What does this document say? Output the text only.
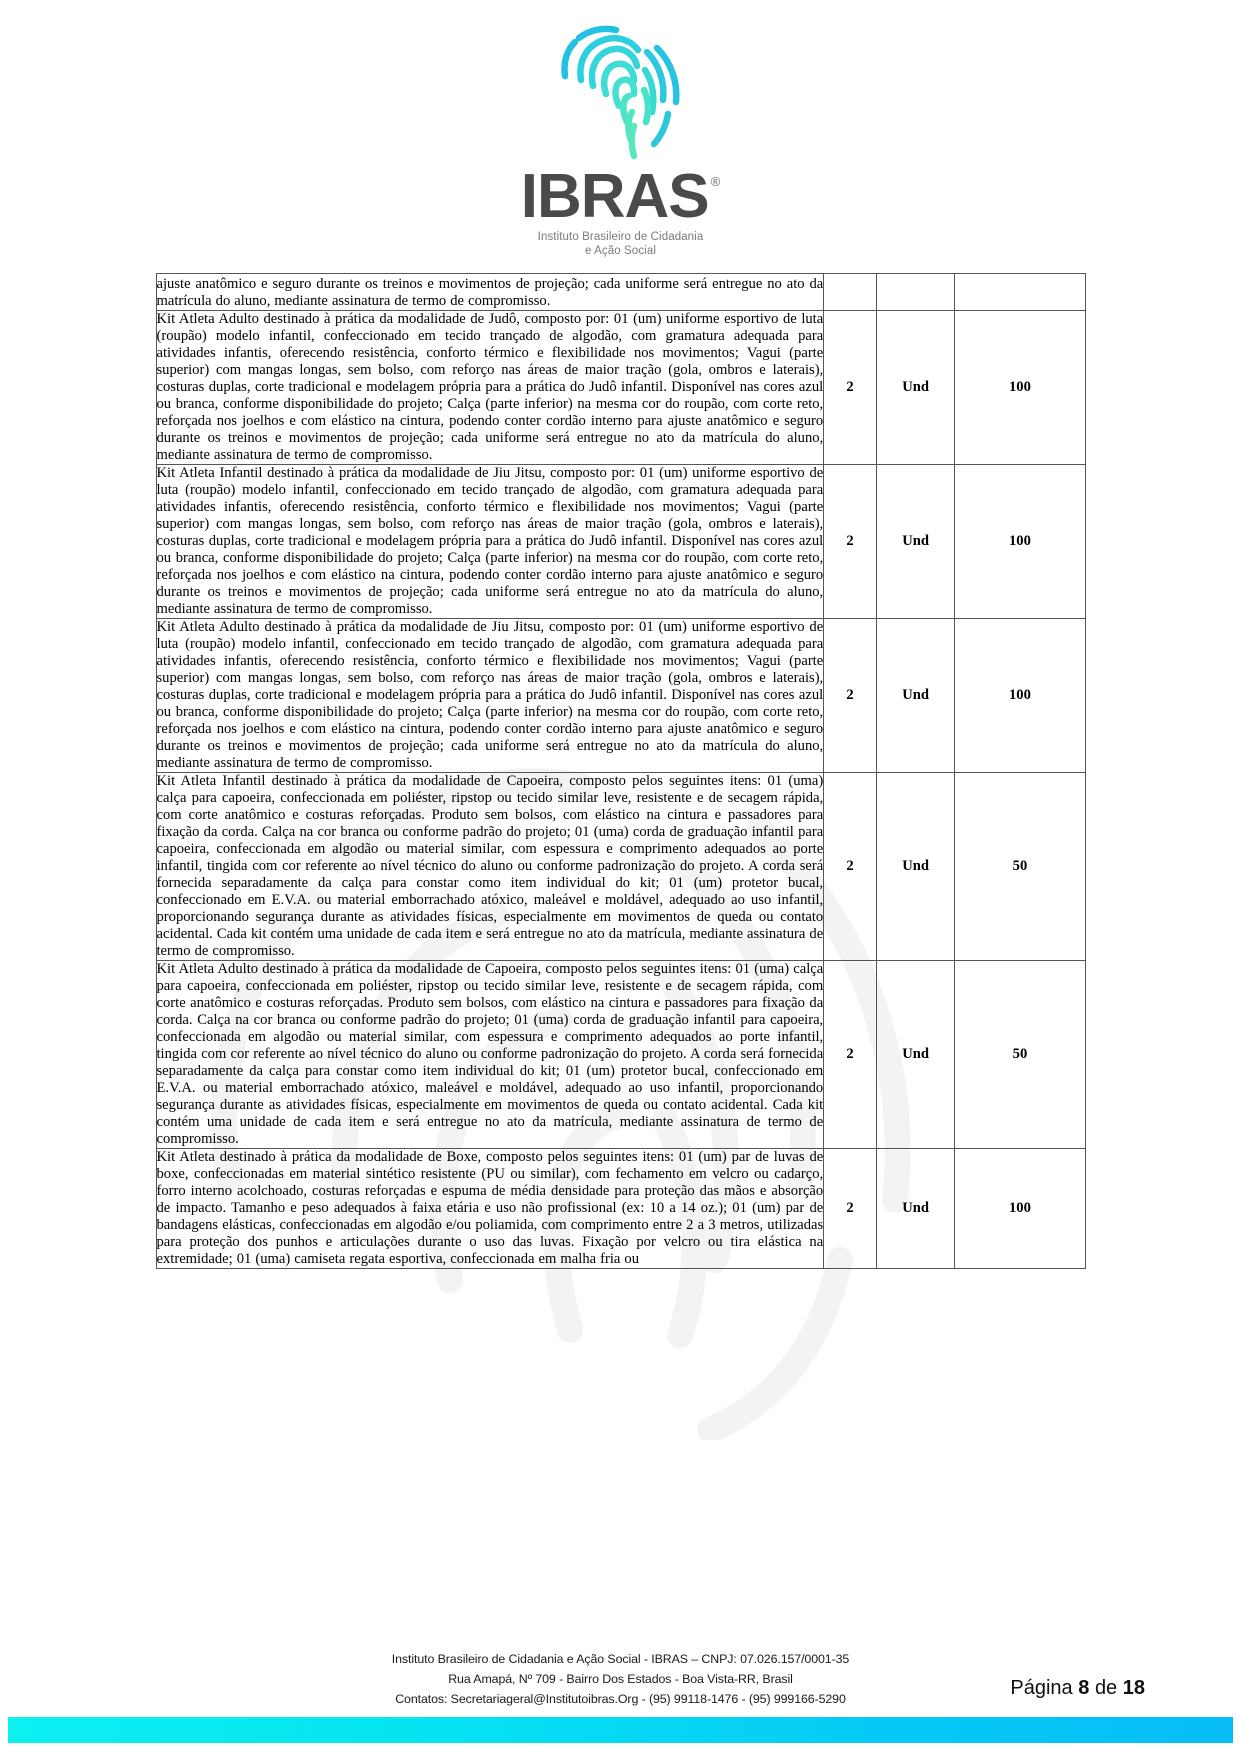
IBRAS ®
Instituto Brasileiro de Cidadania
e Ação Social
ajuste anatômico e seguro durante os treinos e movimentos de projeção; cada uniforme será entregue no ato da matrícula do aluno, mediante assinatura de termo de compromisso.			
Kit Atleta Adulto destinado à prática da modalidade de Judô, composto por: 01 (um) uniforme esportivo de luta (roupão) modelo infantil, confeccionado em tecido trançado de algodão, com gramatura adequada para atividades infantis, oferecendo resistência, conforto térmico e flexibilidade nos movimentos; Vagui (parte superior) com mangas longas, sem bolso, com reforço nas áreas de maior tração (gola, ombros e laterais), costuras duplas, corte tradicional e modelagem própria para a prática do Judô infantil. Disponível nas cores azul ou branca, conforme disponibilidade do projeto; Calça (parte inferior) na mesma cor do roupão, com corte reto, reforçada nos joelhos e com elástico na cintura, podendo conter cordão interno para ajuste anatômico e seguro durante os treinos e movimentos de projeção; cada uniforme será entregue no ato da matrícula do aluno, mediante assinatura de termo de compromisso.	2	Und	100
Kit Atleta Infantil destinado à prática da modalidade de Jiu Jitsu, composto por: 01 (um) uniforme esportivo de luta (roupão) modelo infantil, confeccionado em tecido trançado de algodão, com gramatura adequada para atividades infantis, oferecendo resistência, conforto térmico e flexibilidade nos movimentos; Vagui (parte superior) com mangas longas, sem bolso, com reforço nas áreas de maior tração (gola, ombros e laterais), costuras duplas, corte tradicional e modelagem própria para a prática do Judô infantil. Disponível nas cores azul ou branca, conforme disponibilidade do projeto; Calça (parte inferior) na mesma cor do roupão, com corte reto, reforçada nos joelhos e com elástico na cintura, podendo conter cordão interno para ajuste anatômico e seguro durante os treinos e movimentos de projeção; cada uniforme será entregue no ato da matrícula do aluno, mediante assinatura de termo de compromisso.	2	Und	100
Kit Atleta Adulto destinado à prática da modalidade de Jiu Jitsu, composto por: 01 (um) uniforme esportivo de luta (roupão) modelo infantil, confeccionado em tecido trançado de algodão, com gramatura adequada para atividades infantis, oferecendo resistência, conforto térmico e flexibilidade nos movimentos; Vagui (parte superior) com mangas longas, sem bolso, com reforço nas áreas de maior tração (gola, ombros e laterais), costuras duplas, corte tradicional e modelagem própria para a prática do Judô infantil. Disponível nas cores azul ou branca, conforme disponibilidade do projeto; Calça (parte inferior) na mesma cor do roupão, com corte reto, reforçada nos joelhos e com elástico na cintura, podendo conter cordão interno para ajuste anatômico e seguro durante os treinos e movimentos de projeção; cada uniforme será entregue no ato da matrícula do aluno, mediante assinatura de termo de compromisso.	2	Und	100
Kit Atleta Infantil destinado à prática da modalidade de Capoeira, composto pelos seguintes itens: 01 (uma) calça para capoeira, confeccionada em poliéster, ripstop ou tecido similar leve, resistente e de secagem rápida, com corte anatômico e costuras reforçadas. Produto sem bolsos, com elástico na cintura e passadores para fixação da corda. Calça na cor branca ou conforme padrão do projeto; 01 (uma) corda de graduação infantil para capoeira, confeccionada em algodão ou material similar, com espessura e comprimento adequados ao porte infantil, tingida com cor referente ao nível técnico do aluno ou conforme padronização do projeto. A corda será fornecida separadamente da calça para constar como item individual do kit; 01 (um) protetor bucal, confeccionado em E.V.A. ou material emborrachado atóxico, maleável e moldável, adequado ao uso infantil, proporcionando segurança durante as atividades físicas, especialmente em movimentos de queda ou contato acidental. Cada kit contém uma unidade de cada item e será entregue no ato da matrícula, mediante assinatura de termo de compromisso.	2	Und	50
Kit Atleta Adulto destinado à prática da modalidade de Capoeira, composto pelos seguintes itens: 01 (uma) calça para capoeira, confeccionada em poliéster, ripstop ou tecido similar leve, resistente e de secagem rápida, com corte anatômico e costuras reforçadas. Produto sem bolsos, com elástico na cintura e passadores para fixação da corda. Calça na cor branca ou conforme padrão do projeto; 01 (uma) corda de graduação infantil para capoeira, confeccionada em algodão ou material similar, com espessura e comprimento adequados ao porte infantil, tingida com cor referente ao nível técnico do aluno ou conforme padronização do projeto. A corda será fornecida separadamente da calça para constar como item individual do kit; 01 (um) protetor bucal, confeccionado em E.V.A. ou material emborrachado atóxico, maleável e moldável, adequado ao uso infantil, proporcionando segurança durante as atividades físicas, especialmente em movimentos de queda ou contato acidental. Cada kit contém uma unidade de cada item e será entregue no ato da matrícula, mediante assinatura de termo de compromisso.	2	Und	50
Kit Atleta destinado à prática da modalidade de Boxe, composto pelos seguintes itens: 01 (um) par de luvas de boxe, confeccionadas em material sintético resistente (PU ou similar), com fechamento em velcro ou cadarço, forro interno acolchoado, costuras reforçadas e espuma de média densidade para proteção das mãos e absorção de impacto. Tamanho e peso adequados à faixa etária e uso não profissional (ex: 10 a 14 oz.); 01 (um) par de bandagens elásticas, confeccionadas em algodão e/ou poliamida, com comprimento entre 2 a 3 metros, utilizadas para proteção dos punhos e articulações durante o uso das luvas. Fixação por velcro ou tira elástica na extremidade; 01 (uma) camiseta regata esportiva, confeccionada em malha fria ou	2	Und	100
Instituto Brasileiro de Cidadania e Ação Social - IBRAS – CNPJ: 07.026.157/0001-35
Rua Amapá, Nº 709 - Bairro Dos Estados - Boa Vista-RR, Brasil
Contatos: Secretariageral@Institutoibras.Org - (95) 99118-1476 - (95) 999166-5290
Página 8 de 18
